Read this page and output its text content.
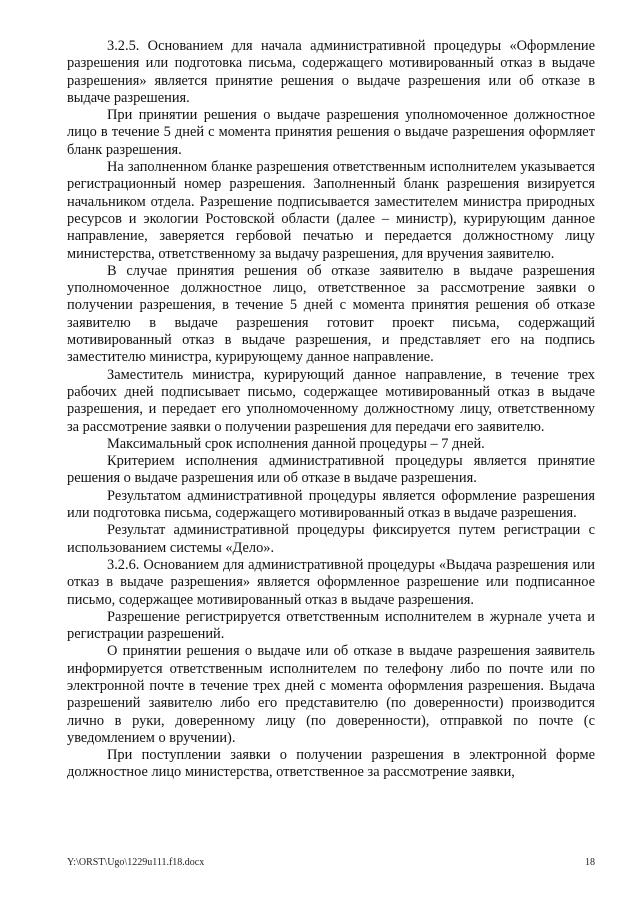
3.2.5. Основанием для начала административной процедуры «Оформление разрешения или подготовка письма, содержащего мотивированный отказ в выдаче разрешения» является принятие решения о выдаче разрешения или об отказе в выдаче разрешения.

При принятии решения о выдаче разрешения уполномоченное должностное лицо в течение 5 дней с момента принятия решения о выдаче разрешения оформляет бланк разрешения.

На заполненном бланке разрешения ответственным исполнителем указывается регистрационный номер разрешения. Заполненный бланк разрешения визируется начальником отдела. Разрешение подписывается заместителем министра природных ресурсов и экологии Ростовской области (далее – министр), курирующим данное направление, заверяется гербовой печатью и передается должностному лицу министерства, ответственному за выдачу разрешения, для вручения заявителю.

В случае принятия решения об отказе заявителю в выдаче разрешения уполномоченное должностное лицо, ответственное за рассмотрение заявки о получении разрешения, в течение 5 дней с момента принятия решения об отказе заявителю в выдаче разрешения готовит проект письма, содержащий мотивированный отказ в выдаче разрешения, и представляет его на подпись заместителю министра, курирующему данное направление.

Заместитель министра, курирующий данное направление, в течение трех рабочих дней подписывает письмо, содержащее мотивированный отказ в выдаче разрешения, и передает его уполномоченному должностному лицу, ответственному за рассмотрение заявки о получении разрешения для передачи его заявителю.

Максимальный срок исполнения данной процедуры – 7 дней.

Критерием исполнения административной процедуры является принятие решения о выдаче разрешения или об отказе в выдаче разрешения.

Результатом административной процедуры является оформление разрешения или подготовка письма, содержащего мотивированный отказ в выдаче разрешения.

Результат административной процедуры фиксируется путем регистрации с использованием системы «Дело».

3.2.6. Основанием для административной процедуры «Выдача разрешения или отказ в выдаче разрешения» является оформленное разрешение или подписанное письмо, содержащее мотивированный отказ в выдаче разрешения.

Разрешение регистрируется ответственным исполнителем в журнале учета и регистрации разрешений.

О принятии решения о выдаче или об отказе в выдаче разрешения заявитель информируется ответственным исполнителем по телефону либо по почте или по электронной почте в течение трех дней с момента оформления разрешения. Выдача разрешений заявителю либо его представителю (по доверенности) производится лично в руки, доверенному лицу (по доверенности), отправкой по почте (с уведомлением о вручении).

При поступлении заявки о получении разрешения в электронной форме должностное лицо министерства, ответственное за рассмотрение заявки,

Y:\ORST\Ugo\1229u111.f18.docx	18
